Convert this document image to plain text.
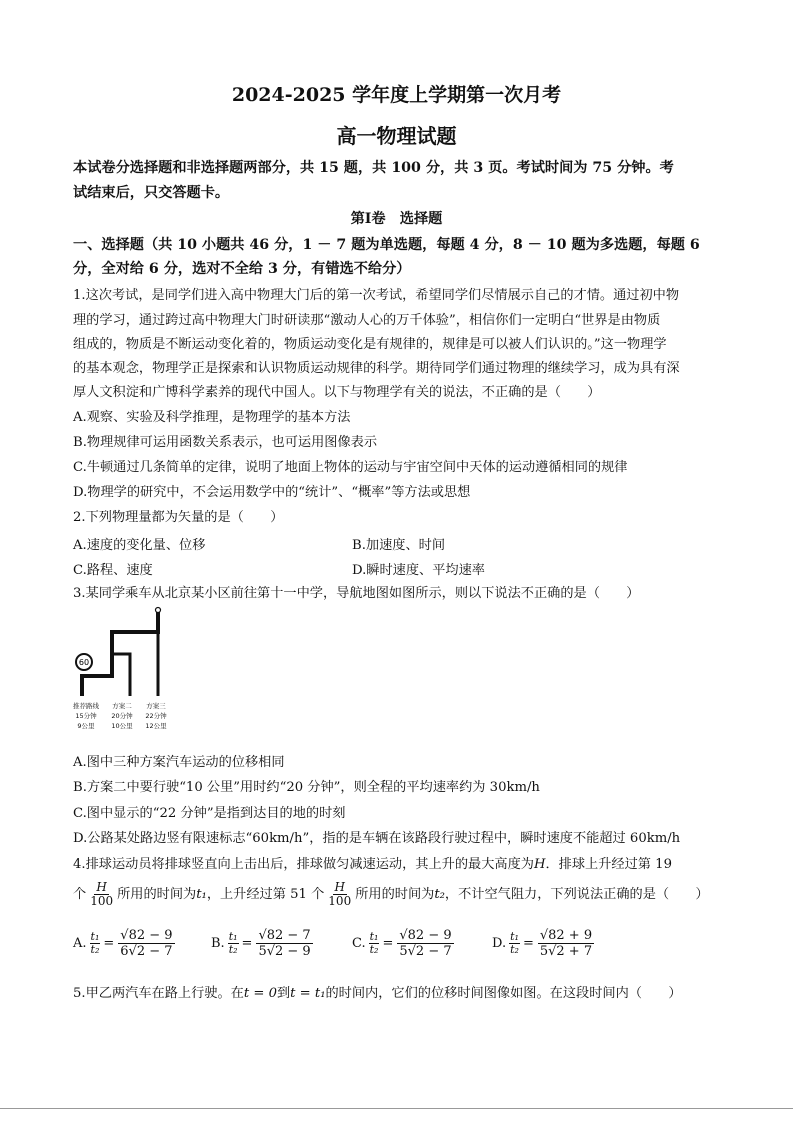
2024-2025 学年度上学期第一次月考
高一物理试题
本试卷分选择题和非选择题两部分，共 15 题，共 100 分，共 3 页。考试时间为 75 分钟。考
试结束后，只交答题卡。
第Ⅰ卷　选择题
一、选择题（共 10 小题共 46 分，1 － 7 题为单选题，每题 4 分，8 － 10 题为多选题，每题 6
分，全对给 6 分，选对不全给 3 分，有错选不给分）
1.这次考试，是同学们进入高中物理大门后的第一次考试，希望同学们尽情展示自己的才情。通过初中物
理的学习，通过跨过高中物理大门时研读那“激动人心的万千体验”，相信你们一定明白“世界是由物质
组成的，物质是不断运动变化着的，物质运动变化是有规律的，规律是可以被人们认识的。”这一物理学
的基本观念，物理学正是探索和认识物质运动规律的科学。期待同学们通过物理的继续学习，成为具有深
厚人文积淀和广博科学素养的现代中国人。以下与物理学有关的说法，不正确的是（　　）
A.观察、实验及科学推理，是物理学的基本方法
B.物理规律可运用函数关系表示，也可运用图像表示
C.牛顿通过几条简单的定律，说明了地面上物体的运动与宇宙空间中天体的运动遵循相同的规律
D.物理学的研究中，不会运用数学中的“统计”、“概率”等方法或思想
2.下列物理量都为矢量的是（　　）
A.速度的变化量、位移	B.加速度、时间
C.路程、速度	D.瞬时速度、平均速率
3.某同学乘车从北京某小区前往第十一中学，导航地图如图所示，则以下说法不正确的是（　　）
60
推荐路线
15分钟
9公里
方案二
20分钟
10公里
方案三
22分钟
12公里
A.图中三种方案汽车运动的位移相同
B.方案二中要行驶“10 公里”用时约“20 分钟”，则全程的平均速率约为 30km/h
C.图中显示的“22 分钟”是指到达目的地的时刻
D.公路某处路边竖有限速标志“60km/h”，指的是车辆在该路段行驶过程中，瞬时速度不能超过 60km/h
4.排球运动员将排球竖直向上击出后，排球做匀减速运动，其上升的最大高度为H．排球上升经过第 19
个 $\frac{H}{100}$ 所用的时间为t₁，上升经过第 51 个 $\frac{H}{100}$ 所用的时间为t₂，不计空气阻力，下列说法正确的是（　　）
A. $\frac{\text{t₁}}{\text{t₂}} = \frac{√82 - 9}{6√2 - 7}$	B. $\frac{\text{t₁}}{\text{t₂}} = \frac{√82 - 7}{5√2 - 9}$	C. $\frac{\text{t₁}}{\text{t₂}} = \frac{√82 - 9}{5√2 - 7}$	D. $\frac{\text{t₁}}{\text{t₂}} = \frac{√82 + 9}{5√2 + 7}$
5.甲乙两汽车在路上行驶。在t = 0到t = t₁的时间内，它们的位移时间图像如图。在这段时间内（　　）
